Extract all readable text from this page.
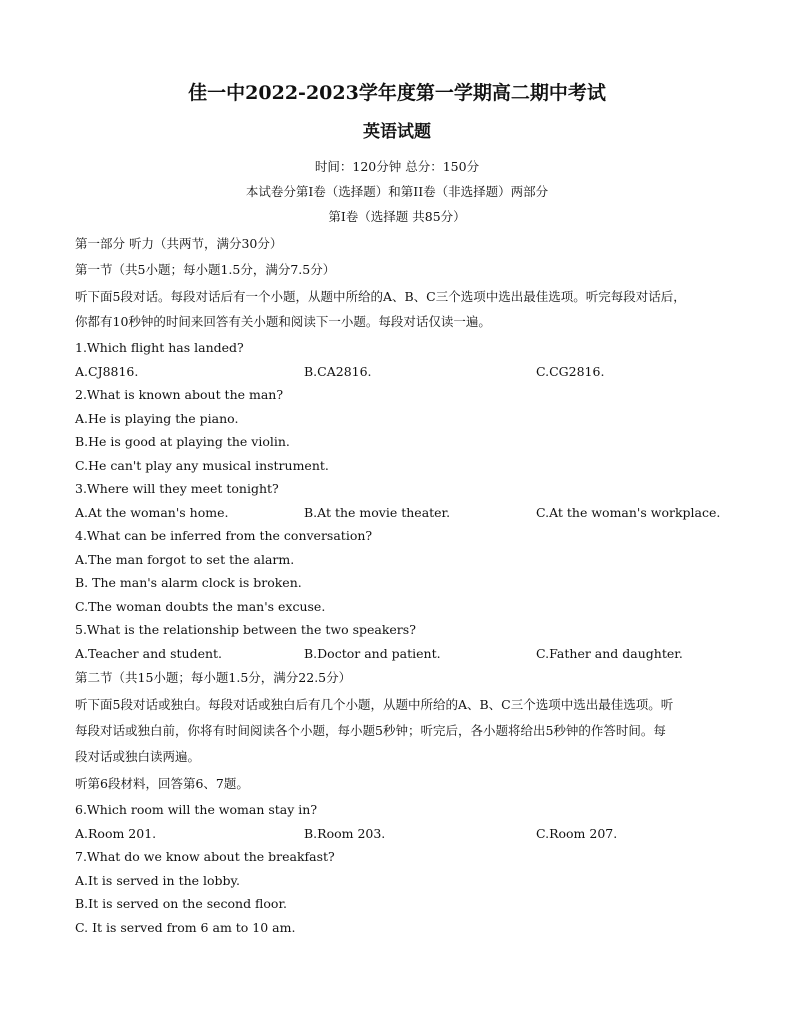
佳一中2022-2023学年度第一学期高二期中考试
英语试题
时间：120分钟 总分：150分
本试卷分第I卷（选择题）和第II卷（非选择题）两部分
第I卷（选择题 共85分）
第一部分 听力（共两节，满分30分）
第一节（共5小题；每小题1.5分，满分7.5分）
听下面5段对话。每段对话后有一个小题，从题中所给的A、B、C三个选项中选出最佳选项。听完每段对话后，
你都有10秒钟的时间来回答有关小题和阅读下一小题。每段对话仅读一遍。
1.Which flight has landed?
A.CJ8816.	B.CA2816.	C.CG2816.
2.What is known about the man?
A.He is playing the piano.
B.He is good at playing the violin.
C.He can't play any musical instrument.
3.Where will they meet tonight?
A.At the woman's home.	B.At the movie theater.	C.At the woman's workplace.
4.What can be inferred from the conversation?
A.The man forgot to set the alarm.
B. The man's alarm clock is broken.
C.The woman doubts the man's excuse.
5.What is the relationship between the two speakers?
A.Teacher and student.	B.Doctor and patient.	C.Father and daughter.
第二节（共15小题；每小题1.5分，满分22.5分）
听下面5段对话或独白。每段对话或独白后有几个小题，从题中所给的A、B、C三个选项中选出最佳选项。听
每段对话或独白前，你将有时间阅读各个小题，每小题5秒钟；听完后，各小题将给出5秒钟的作答时间。每
段对话或独白读两遍。
听第6段材料，回答第6、7题。
6.Which room will the woman stay in?
A.Room 201.	B.Room 203.	C.Room 207.
7.What do we know about the breakfast?
A.It is served in the lobby.
B.It is served on the second floor.
C. It is served from 6 am to 10 am.
